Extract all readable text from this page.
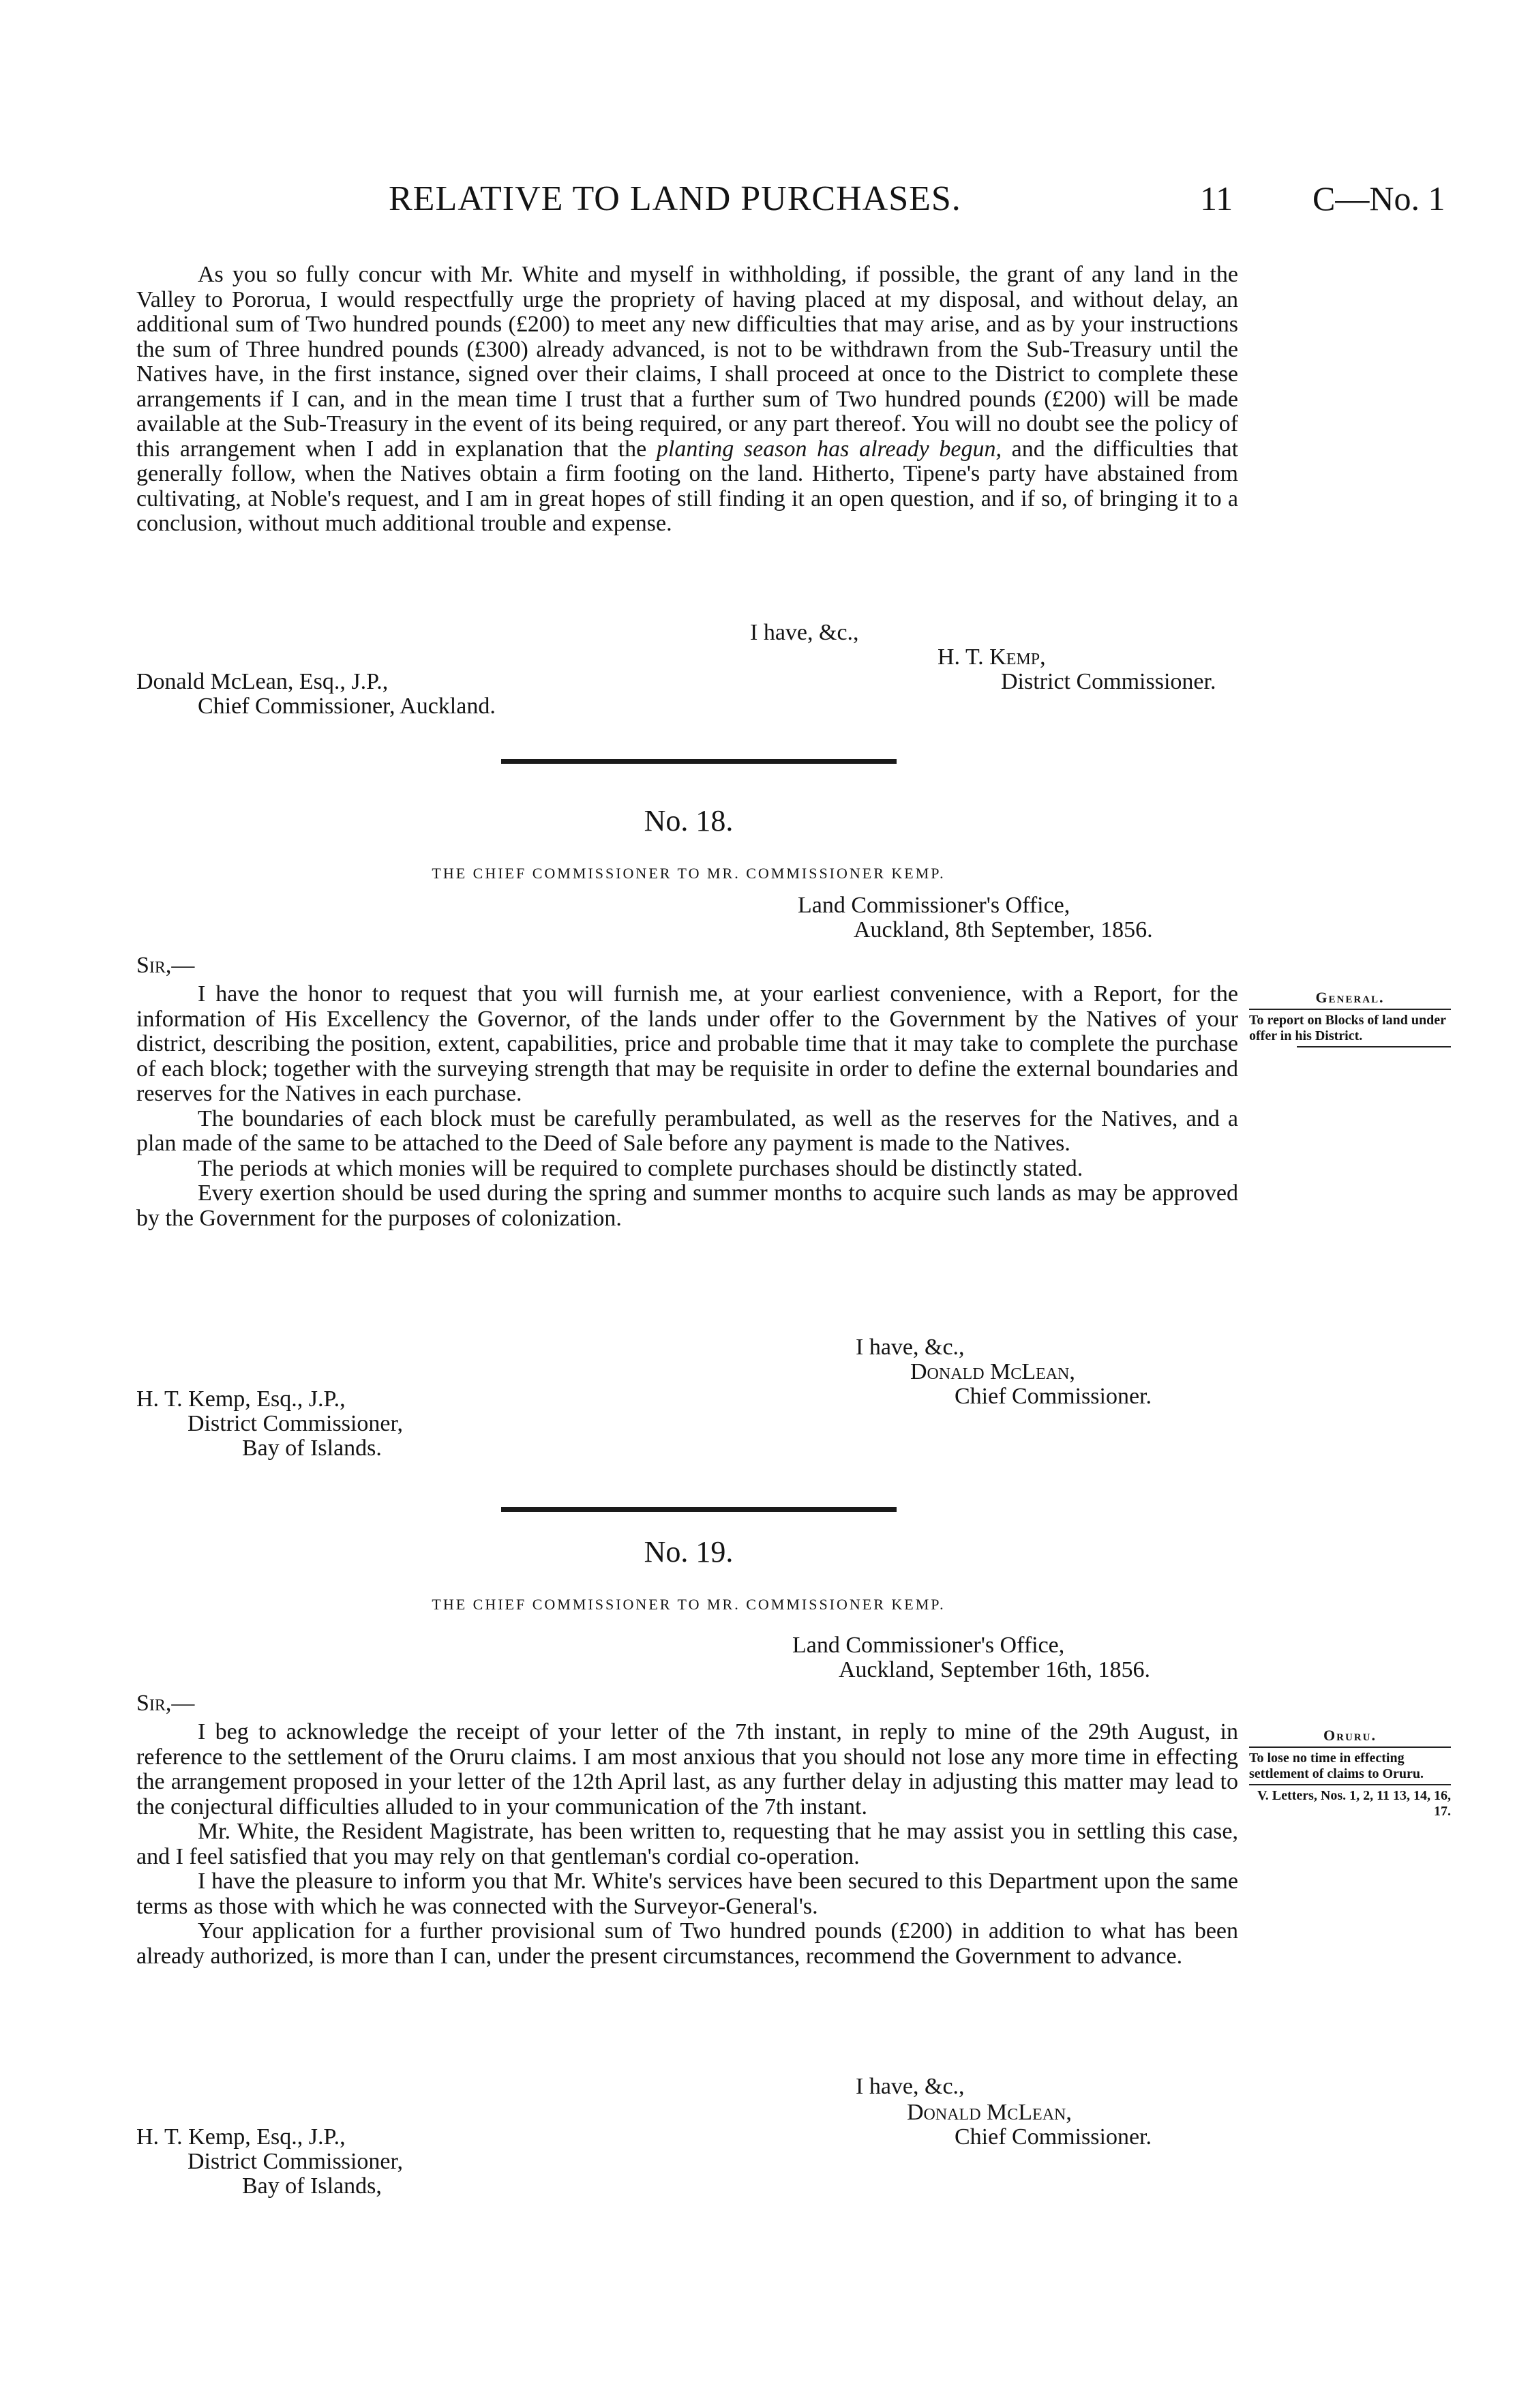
RELATIVE TO LAND PURCHASES.	11 C—No. 1

As you so fully concur with Mr. White and myself in withholding, if possible, the grant of any land in the Valley to Pororua, I would respectfully urge the propriety of having placed at my disposal, and without delay, an additional sum of Two hundred pounds (£200) to meet any new difficulties that may arise, and as by your instructions the sum of Three hundred pounds (£300) already advanced, is not to be withdrawn from the Sub-Treasury until the Natives have, in the first instance, signed over their claims, I shall proceed at once to the District to complete these arrangements if I can, and in the mean time I trust that a further sum of Two hundred pounds (£200) will be made available at the Sub-Treasury in the event of its being required, or any part thereof. You will no doubt see the policy of this arrangement when I add in explanation that the planting season has already begun, and the difficulties that generally follow, when the Natives obtain a firm footing on the land. Hitherto, Tipene's party have abstained from cultivating, at Noble's request, and I am in great hopes of still finding it an open question, and if so, of bringing it to a conclusion, without much additional trouble and expense.

I have, &c.,
H. T. Kemp,
Donald McLean, Esq., J.P.,	District Commissioner.
Chief Commissioner, Auckland.
No. 18.
THE CHIEF COMMISSIONER TO MR. COMMISSIONER KEMP.
Land Commissioner's Office,
Auckland, 8th September, 1856.
Sir,—

I have the honor to request that you will furnish me, at your earliest convenience, with a Report, for the information of His Excellency the Governor, of the lands under offer to the Government by the Natives of your district, describing the position, extent, capabilities, price and probable time that it may take to complete the purchase of each block; together with the surveying strength that may be requisite in order to define the external boundaries and reserves for the Natives in each purchase.

The boundaries of each block must be carefully perambulated, as well as the reserves for the Natives, and a plan made of the same to be attached to the Deed of Sale before any payment is made to the Natives.

The periods at which monies will be required to complete purchases should be distinctly stated.

Every exertion should be used during the spring and summer months to acquire such lands as may be approved by the Government for the purposes of colonization.

I have, &c.,
Donald McLean,
H. T. Kemp, Esq., J.P.,	Chief Commissioner.
District Commissioner,
Bay of Islands.
General.
To report on Blocks of land under offer in his District.
No. 19.
THE CHIEF COMMISSIONER TO MR. COMMISSIONER KEMP.
Land Commissioner's Office,
Auckland, September 16th, 1856.
Sir,—

I beg to acknowledge the receipt of your letter of the 7th instant, in reply to mine of the 29th August, in reference to the settlement of the Oruru claims. I am most anxious that you should not lose any more time in effecting the arrangement proposed in your letter of the 12th April last, as any further delay in adjusting this matter may lead to the conjectural difficulties alluded to in your communication of the 7th instant.

Mr. White, the Resident Magistrate, has been written to, requesting that he may assist you in settling this case, and I feel satisfied that you may rely on that gentleman's cordial co-operation.

I have the pleasure to inform you that Mr. White's services have been secured to this Department upon the same terms as those with which he was connected with the Surveyor-General's.

Your application for a further provisional sum of Two hundred pounds (£200) in addition to what has been already authorized, is more than I can, under the present circumstances, recommend the Government to advance.

I have, &c.,
Donald McLean,
H. T. Kemp, Esq., J.P.,	Chief Commissioner.
District Commissioner,
Bay of Islands,
Oruru.
To lose no time in effecting settlement of claims to Oruru.
V. Letters, Nos. 1, 2, 11 13, 14, 16, 17.
